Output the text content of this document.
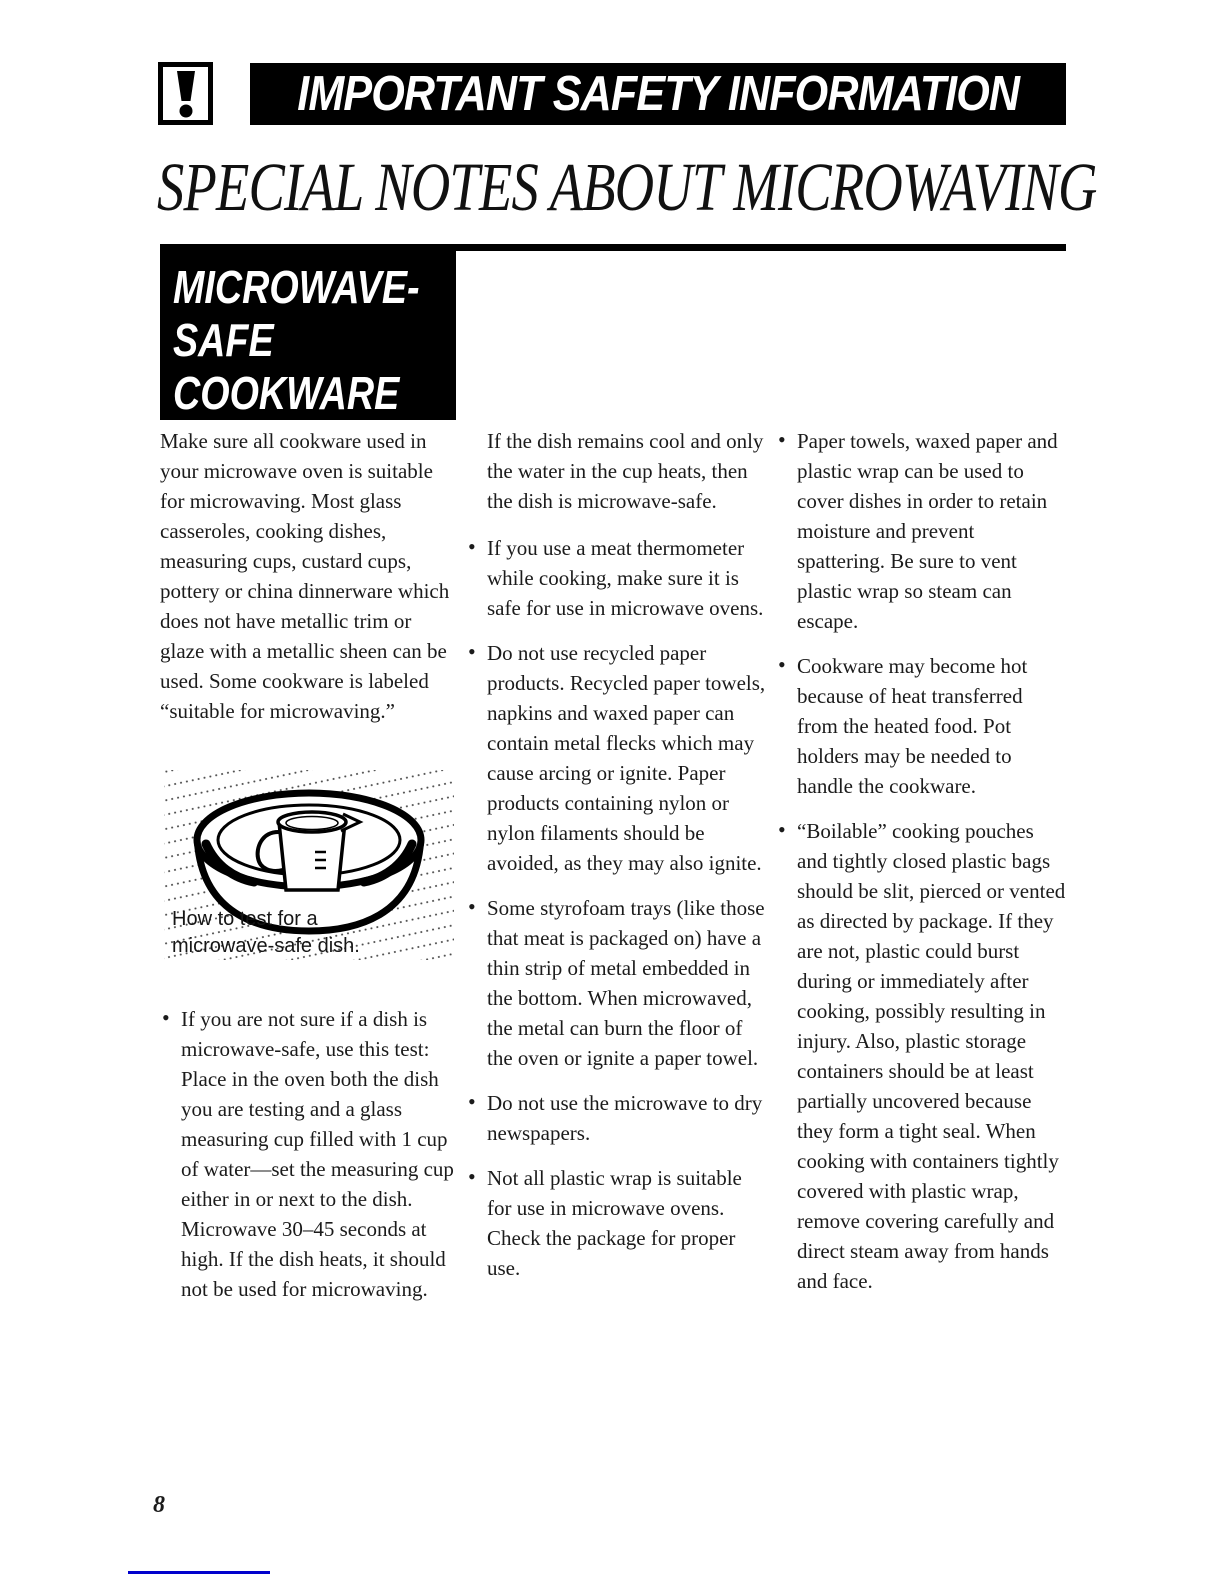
IMPORTANT SAFETY INFORMATION
SPECIAL NOTES ABOUT MICROWAVING
MICROWAVE-
SAFE
COOKWARE

Make sure all cookware used in your microwave oven is suitable for microwaving. Most glass casseroles, cooking dishes, measuring cups, custard cups, pottery or china dinnerware which does not have metallic trim or glaze with a metallic sheen can be used. Some cookware is labeled “suitable for microwaving.”

How to test for a microwave-safe dish.
• If you are not sure if a dish is microwave-safe, use this test: Place in the oven both the dish you are testing and a glass measuring cup filled with 1 cup of water—set the measuring cup either in or next to the dish. Microwave 30–45 seconds at high. If the dish heats, it should not be used for microwaving.

If the dish remains cool and only the water in the cup heats, then the dish is microwave-safe.

• If you use a meat thermometer while cooking, make sure it is safe for use in microwave ovens.
• Do not use recycled paper products. Recycled paper towels, napkins and waxed paper can contain metal flecks which may cause arcing or ignite. Paper products containing nylon or nylon filaments should be avoided, as they may also ignite.
• Some styrofoam trays (like those that meat is packaged on) have a thin strip of metal embedded in the bottom. When microwaved, the metal can burn the floor of the oven or ignite a paper towel.
• Do not use the microwave to dry newspapers.
• Not all plastic wrap is suitable for use in microwave ovens. Check the package for proper use.
• Paper towels, waxed paper and plastic wrap can be used to cover dishes in order to retain moisture and prevent spattering. Be sure to vent plastic wrap so steam can escape.
• Cookware may become hot because of heat transferred from the heated food. Pot holders may be needed to handle the cookware.
• “Boilable” cooking pouches and tightly closed plastic bags should be slit, pierced or vented as directed by package. If they are not, plastic could burst during or immediately after cooking, possibly resulting in injury. Also, plastic storage containers should be at least partially uncovered because they form a tight seal. When cooking with containers tightly covered with plastic wrap, remove covering carefully and direct steam away from hands and face.
8
